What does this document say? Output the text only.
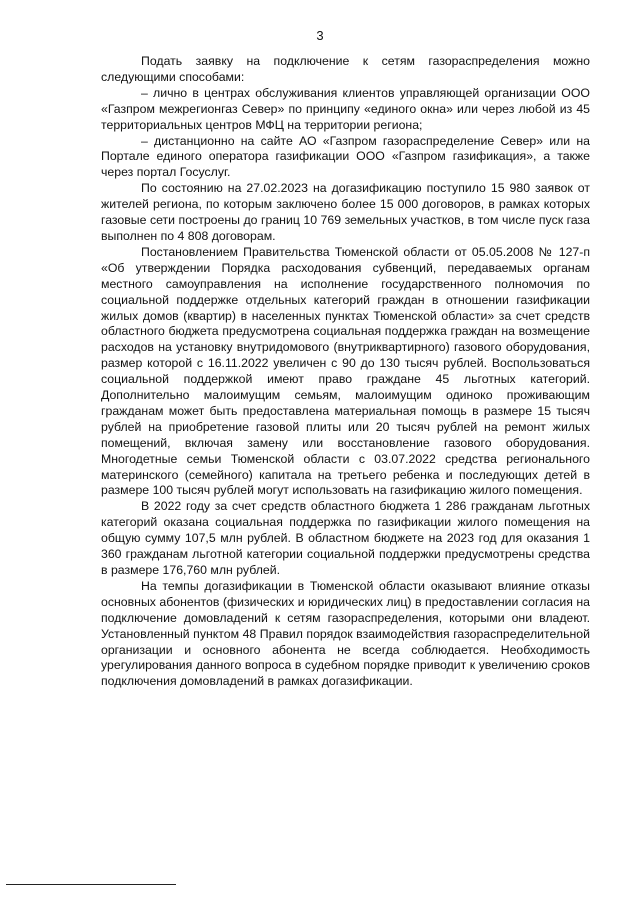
3

Подать заявку на подключение к сетям газораспределения можно следующими способами:

– лично в центрах обслуживания клиентов управляющей организации ООО «Газпром межрегионгаз Север» по принципу «единого окна» или через любой из 45 территориальных центров МФЦ на территории региона;

– дистанционно на сайте АО «Газпром газораспределение Север» или на Портале единого оператора газификации ООО «Газпром газификация», а также через портал Госуслуг.

По состоянию на 27.02.2023 на догазификацию поступило 15 980 заявок от жителей региона, по которым заключено более 15 000 договоров, в рамках которых газовые сети построены до границ 10 769 земельных участков, в том числе пуск газа выполнен по 4 808 договорам.

Постановлением Правительства Тюменской области от 05.05.2008 № 127-п «Об утверждении Порядка расходования субвенций, передаваемых органам местного самоуправления на исполнение государственного полномочия по социальной поддержке отдельных категорий граждан в отношении газификации жилых домов (квартир) в населенных пунктах Тюменской области» за счет средств областного бюджета предусмотрена социальная поддержка граждан на возмещение расходов на установку внутридомового (внутриквартирного) газового оборудования, размер которой с 16.11.2022 увеличен с 90 до 130 тысяч рублей. Воспользоваться социальной поддержкой имеют право граждане 45 льготных категорий. Дополнительно малоимущим семьям, малоимущим одиноко проживающим гражданам может быть предоставлена материальная помощь в размере 15 тысяч рублей на приобретение газовой плиты или 20 тысяч рублей на ремонт жилых помещений, включая замену или восстановление газового оборудования. Многодетные семьи Тюменской области с 03.07.2022 средства регионального материнского (семейного) капитала на третьего ребенка и последующих детей в размере 100 тысяч рублей могут использовать на газификацию жилого помещения.

В 2022 году за счет средств областного бюджета 1 286 гражданам льготных категорий оказана социальная поддержка по газификации жилого помещения на общую сумму 107,5 млн рублей. В областном бюджете на 2023 год для оказания 1 360 гражданам льготной категории социальной поддержки предусмотрены средства в размере 176,760 млн рублей.

На темпы догазификации в Тюменской области оказывают влияние отказы основных абонентов (физических и юридических лиц) в предоставлении согласия на подключение домовладений к сетям газораспределения, которыми они владеют. Установленный пунктом 48 Правил порядок взаимодействия газораспределительной организации и основного абонента не всегда соблюдается. Необходимость урегулирования данного вопроса в судебном порядке приводит к увеличению сроков подключения домовладений в рамках догазификации.
